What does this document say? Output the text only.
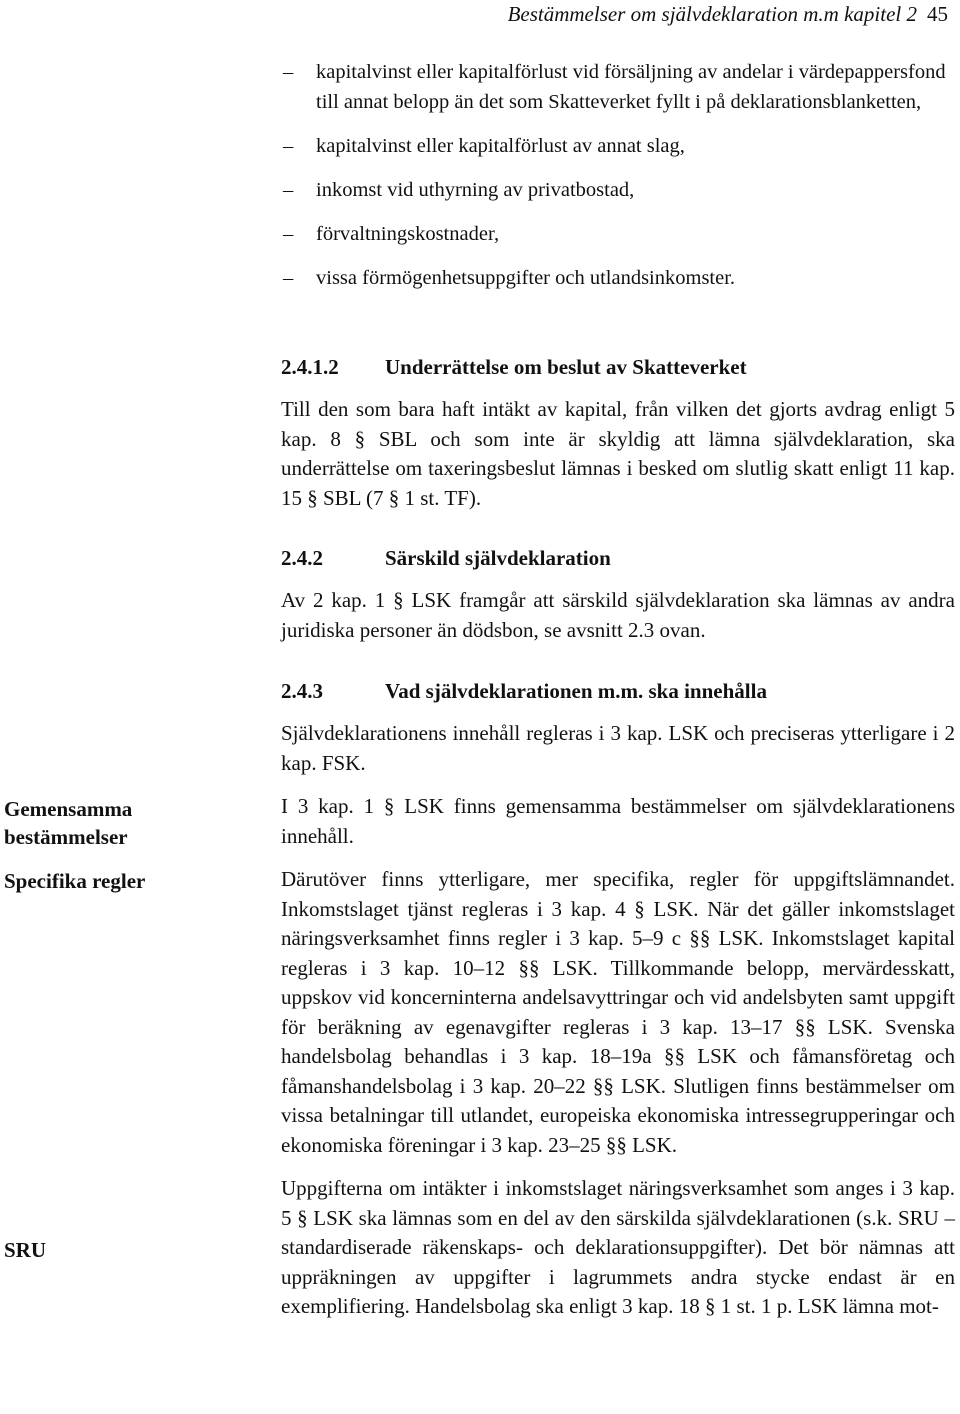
Bestämmelser om självdeklaration m.m kapitel 2 45
– kapitalvinst eller kapitalförlust vid försäljning av andelar i värdepappersfond till annat belopp än det som Skatteverket fyllt i på deklarationsblanketten,
– kapitalvinst eller kapitalförlust av annat slag,
– inkomst vid uthyrning av privatbostad,
– förvaltningskostnader,
– vissa förmögenhetsuppgifter och utlandsinkomster.
2.4.1.2 Underrättelse om beslut av Skatteverket

Till den som bara haft intäkt av kapital, från vilken det gjorts avdrag enligt 5 kap. 8 § SBL och som inte är skyldig att lämna självdeklaration, ska underrättelse om taxeringsbeslut lämnas i besked om slutlig skatt enligt 11 kap. 15 § SBL (7 § 1 st. TF).

2.4.2	Särskild självdeklaration

Av 2 kap. 1 § LSK framgår att särskild självdeklaration ska lämnas av andra juridiska personer än dödsbon, se avsnitt 2.3 ovan.

2.4.3	Vad självdeklarationen m.m. ska innehålla

Självdeklarationens innehåll regleras i 3 kap. LSK och preciseras ytterligare i 2 kap. FSK.

I 3 kap. 1 § LSK finns gemensamma bestämmelser om självdeklarationens innehåll.

Därutöver finns ytterligare, mer specifika, regler för uppgiftslämnandet. Inkomstslaget tjänst regleras i 3 kap. 4 § LSK. När det gäller inkomstslaget näringsverksamhet finns regler i 3 kap. 5–9 c §§ LSK. Inkomstslaget kapital regleras i 3 kap. 10–12 §§ LSK. Tillkommande belopp, mervärdesskatt, uppskov vid koncerninterna andelsavyttringar och vid andelsbyten samt uppgift för beräkning av egenavgifter regleras i 3 kap. 13–17 §§ LSK. Svenska handelsbolag behandlas i 3 kap. 18–19a §§ LSK och fåmansföretag och fåmanshandelsbolag i 3 kap. 20–22 §§ LSK. Slutligen finns bestämmelser om vissa betalningar till utlandet, europeiska ekonomiska intressegrupperingar och ekonomiska föreningar i 3 kap. 23–25 §§ LSK.

Uppgifterna om intäkter i inkomstslaget näringsverksamhet som anges i 3 kap. 5 § LSK ska lämnas som en del av den särskilda självdeklarationen (s.k. SRU – standardiserade räkenskaps- och deklarationsuppgifter). Det bör nämnas att uppräkningen av uppgifter i lagrummets andra stycke endast är en exemplifiering. Handelsbolag ska enligt 3 kap. 18 § 1 st. 1 p. LSK lämna mot-

Gemensamma bestämmelser
Specifika regler
SRU
